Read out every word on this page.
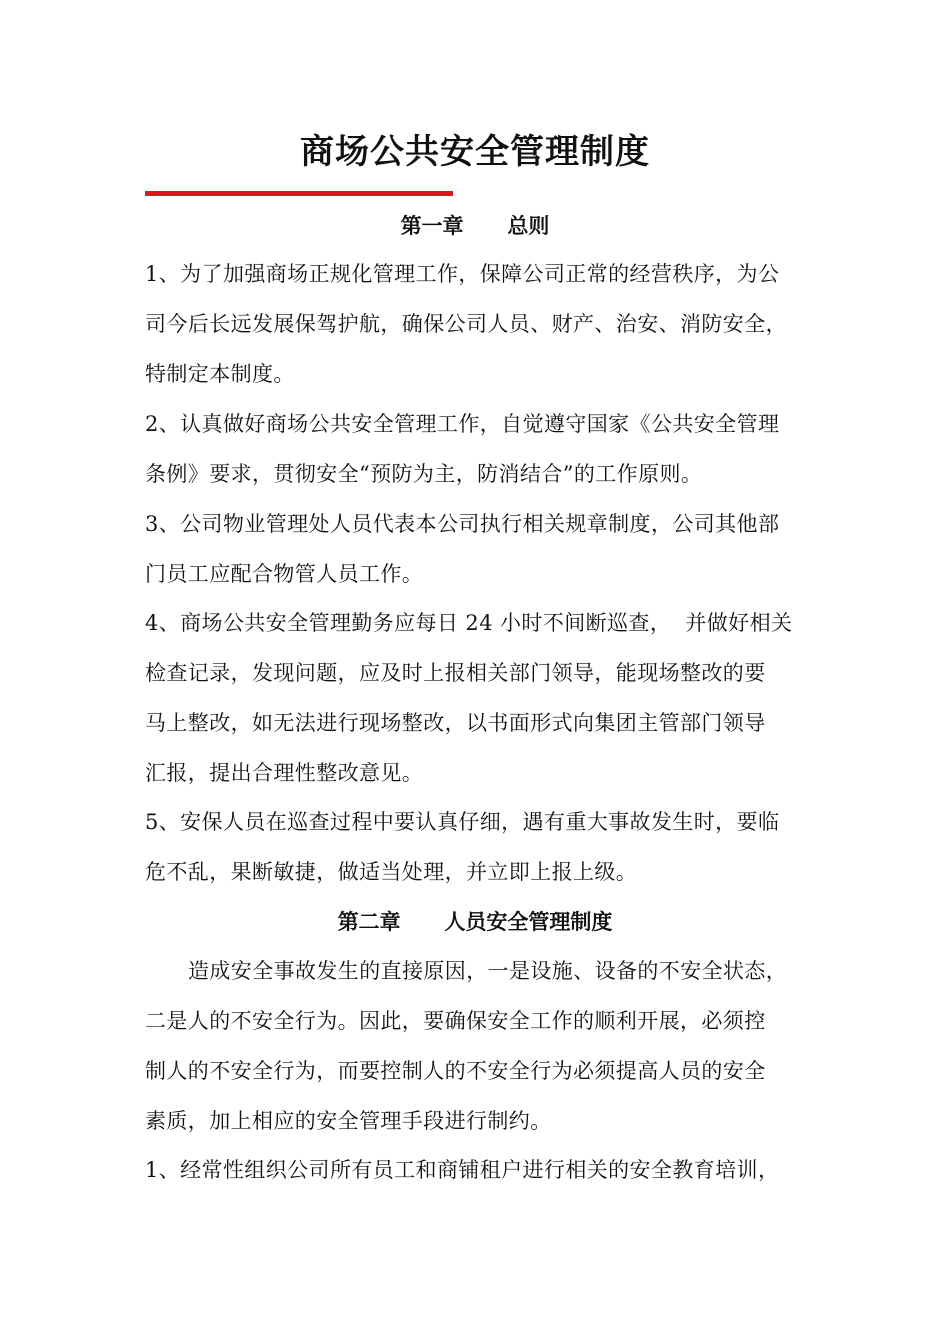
商场公共安全管理制度
第一章      总则
1、为了加强商场正规化管理工作，保障公司正常的经营秩序，为公
司今后长远发展保驾护航，确保公司人员、财产、治安、消防安全，
特制定本制度。
2、认真做好商场公共安全管理工作，自觉遵守国家《公共安全管理
条例》要求，贯彻安全“预防为主，防消结合”的工作原则。
3、公司物业管理处人员代表本公司执行相关规章制度，公司其他部
门员工应配合物管人员工作。
4、商场公共安全管理勤务应每日 24 小时不间断巡查，  并做好相关
检查记录，发现问题，应及时上报相关部门领导，能现场整改的要
马上整改，如无法进行现场整改，以书面形式向集团主管部门领导
汇报，提出合理性整改意见。
5、安保人员在巡查过程中要认真仔细，遇有重大事故发生时，要临
危不乱，果断敏捷，做适当处理，并立即上报上级。
第二章      人员安全管理制度
造成安全事故发生的直接原因，一是设施、设备的不安全状态，
二是人的不安全行为。因此，要确保安全工作的顺利开展，必须控
制人的不安全行为，而要控制人的不安全行为必须提高人员的安全
素质，加上相应的安全管理手段进行制约。
1、经常性组织公司所有员工和商铺租户进行相关的安全教育培训，
